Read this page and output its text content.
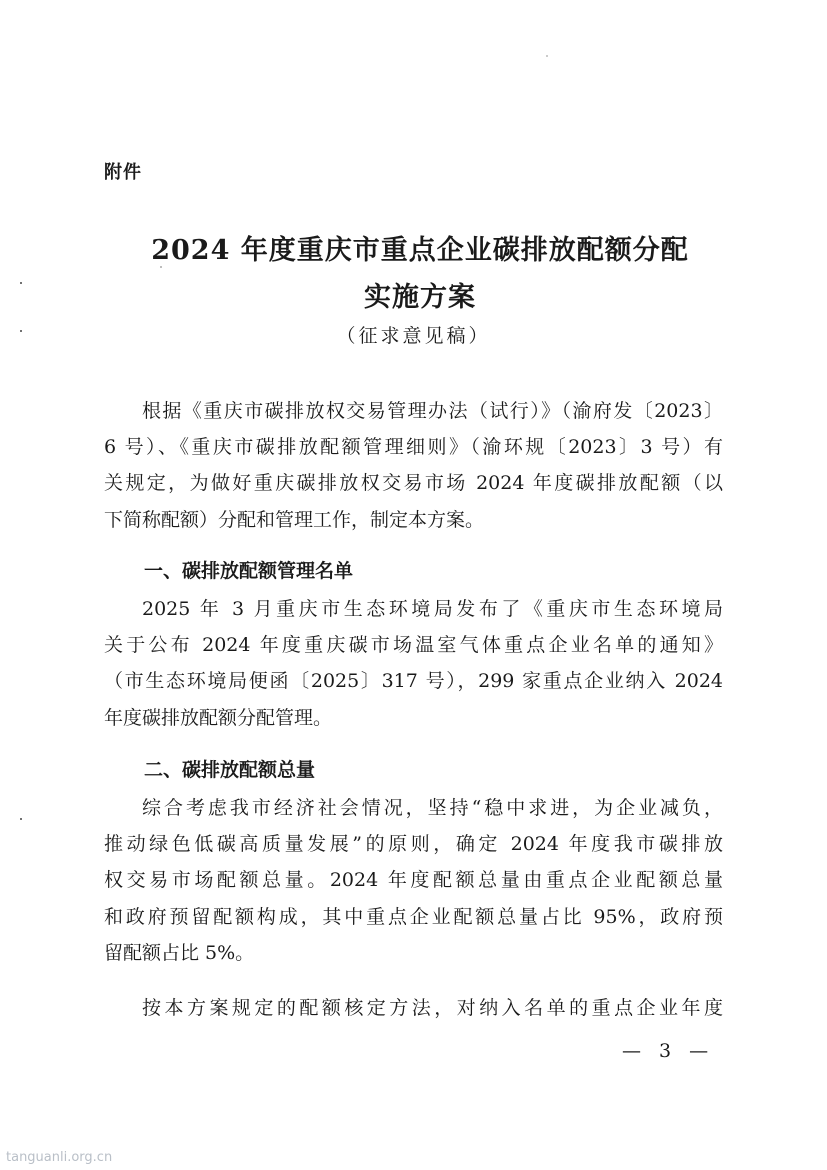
附件
2024 年度重庆市重点企业碳排放配额分配
实施方案
（征求意见稿）
根据《重庆市碳排放权交易管理办法（试行）》（渝府发〔2023〕
6 号）、《重庆市碳排放配额管理细则》（渝环规〔2023〕3 号）有
关规定，为做好重庆碳排放权交易市场 2024 年度碳排放配额（以
下简称配额）分配和管理工作，制定本方案。
一、碳排放配额管理名单
2025 年 3 月重庆市生态环境局发布了《重庆市生态环境局
关于公布 2024 年度重庆碳市场温室气体重点企业名单的通知》
（市生态环境局便函〔2025〕317 号），299 家重点企业纳入 2024
年度碳排放配额分配管理。
二、碳排放配额总量
综合考虑我市经济社会情况，坚持“稳中求进，为企业减负，
推动绿色低碳高质量发展”的原则，确定 2024 年度我市碳排放
权交易市场配额总量。2024 年度配额总量由重点企业配额总量
和政府预留配额构成，其中重点企业配额总量占比 95%，政府预
留配额占比 5%。
按本方案规定的配额核定方法，对纳入名单的重点企业年度
— 3 —
tanguanli.org.cn
